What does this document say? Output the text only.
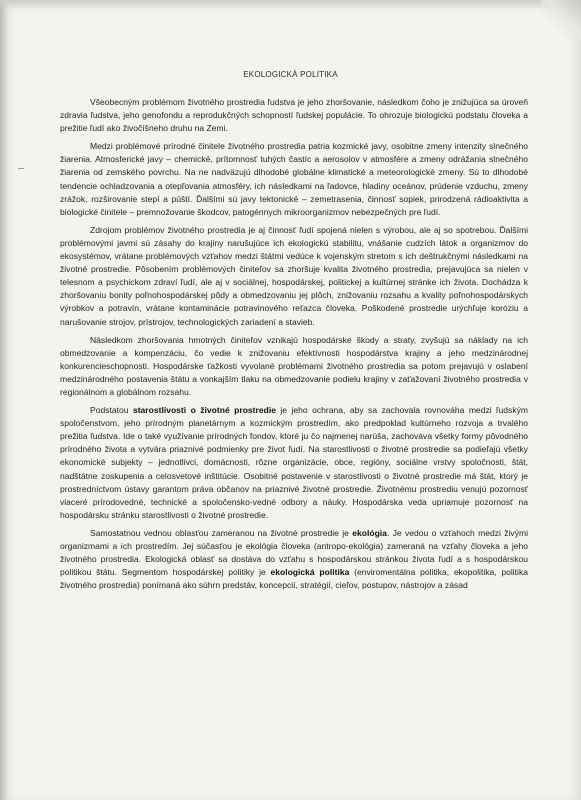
EKOLOGICKÁ POLITIKA

Všeobecným problémom životného prostredia ľudstva je jeho zhoršovanie, následkom čoho je znižujúca sa úroveň zdravia ľudstva, jeho genofondu a reprodukčných schopností ľudskej populácie. To ohrozuje biologickú podstatu človeka a prežitie ľudí ako živočíšneho druhu na Zemi.

Medzi problémové prírodné činitele životného prostredia patria kozmické javy, osobitne zmeny intenzity slnečného žiarenia. Atmosferické javy – chemické, prítomnosť tuhých častíc a aerosolov v atmosfére a zmeny odrážania slnečného žiarenia od zemského povrchu. Na ne nadväzujú dlhodobé globálne klimatické a meteorologické zmeny. Sú to dlhodobé tendencie ochladzovania a otepľovania atmosféry, ich následkami na ľadovce, hladiny oceánov, prúdenie vzduchu, zmeny zrážok, rozširovanie stepí a púští. Ďalšími sú javy tektonické – zemetrasenia, činnosť sopiek, prirodzená rádioaktivita a biologické činitele – premnožovanie škodcov, patogénnych mikroorganizmov nebezpečných pre ľudí.

Zdrojom problémov životného prostredia je aj činnosť ľudí spojená nielen s výrobou, ale aj so spotrebou. Ďalšími problémovými javmi sú zásahy do krajiny narušujúce ich ekologickú stabilitu, vnášanie cudzích látok a organizmov do ekosystémov, vrátane problémových vzťahov medzi štátmi vedúce k vojenským stretom s ich deštrukčnými následkami na životné prostredie. Pôsobením problémových činiteľov sa zhoršuje kvalita životného prostredia, prejavujúca sa nielen v telesnom a psychickom zdraví ľudí, ale aj v sociálnej, hospodárskej, politickej a kultúrnej stránke ich života. Dochádza k zhoršovaniu bonity poľnohospodárskej pôdy a obmedzovaniu jej plôch, znižovaniu rozsahu a kvality poľnohospodárskych výrobkov a potravín, vrátane kontaminácie potravinového reťazca človeka. Poškodené prostredie urýchľuje koróziu a narušovanie strojov, prístrojov, technologických zariadení a stavieb.

Následkom zhoršovania hmotných činiteľov vznikajú hospodárske škody a straty, zvyšujú sa náklady na ich obmedzovanie a kompenzáciu, čo vedie k znižovaniu efektívnosti hospodárstva krajiny a jeho medzinárodnej konkurencieschopnosti. Hospodárske ťažkosti vyvolané problémami životného prostredia sa potom prejavujú v oslabení medzinárodného postavenia štátu a vonkajším tlaku na obmedzovanie podielu krajiny v zaťažovaní životného prostredia v regionálnom a globálnom rozsahu.

Podstatou starostlivosti o životné prostredie je jeho ochrana, aby sa zachovala rovnováha medzi ľudským spoločenstvom, jeho prírodným planetárnym a kozmickým prostredím, ako predpoklad kultúrneho rozvoja a trvalého prežitia ľudstva. Ide o také využívanie prírodných fondov, ktoré ju čo najmenej narúša, zachováva všetky formy pôvodného prírodného života a vytvára priaznivé podmienky pre život ľudí. Na starostlivosti o životné prostredie sa podieľajú všetky ekonomické subjekty – jednotlivci, domácnosti, rôzne organizácie, obce, regióny, sociálne vrstvy spoločnosti, štát, nadštátne zoskupenia a celosvetové inštitúcie. Osobitné postavenie v starostlivosti o životné prostredie má štát, ktorý je prostredníctvom ústavy garantom práva občanov na priaznivé životné prostredie. Životnému prostrediu venujú pozornosť viaceré prírodovedné, technické a spoločensko-vedné odbory a náuky. Hospodárska veda upriamuje pozornosť na hospodársku stránku starostlivosti o životné prostredie.

Samostatnou vednou oblasťou zameranou na životné prostredie je ekológia. Je vedou o vzťahoch medzi živými organizmami a ich prostredím. Jej súčasťou je ekológia človeka (antropo-ekológia) zameraná na vzťahy človeka a jeho životného prostredia. Ekologická oblasť sa dostáva do vzťahu s hospodárskou stránkou života ľudí a s hospodárskou politikou štátu. Segmentom hospodárskej politiky je ekologická politika (enviromentálna politika, ekopolitika, politika životného prostredia) ponímaná ako súhrn predstáv, koncepcií, stratégií, cieľov, postupov, nástrojov a zásad
